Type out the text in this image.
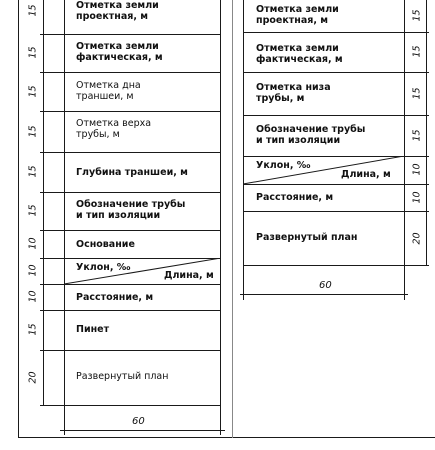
Отметка земли
проектная, м
Отметка земли
фактическая, м
Отметка дна
траншеи, м
Отметка верха
трубы, м
Глубина траншеи, м
Обозначение трубы
и тип изоляции
Основание
Уклон, ‰
Длина, м
Расстояние, м
Пинет
Развернутый план
15
15
15
15
15
15
10
10
10
15
20
60
Отметка земли
проектная, м
Отметка земли
фактическая, м
Отметка низа
трубы, м
Обозначение трубы
и тип изоляции
Уклон, ‰
Длина, м
Расстояние, м
Развернутый план
15
15
15
15
10
10
20
60
